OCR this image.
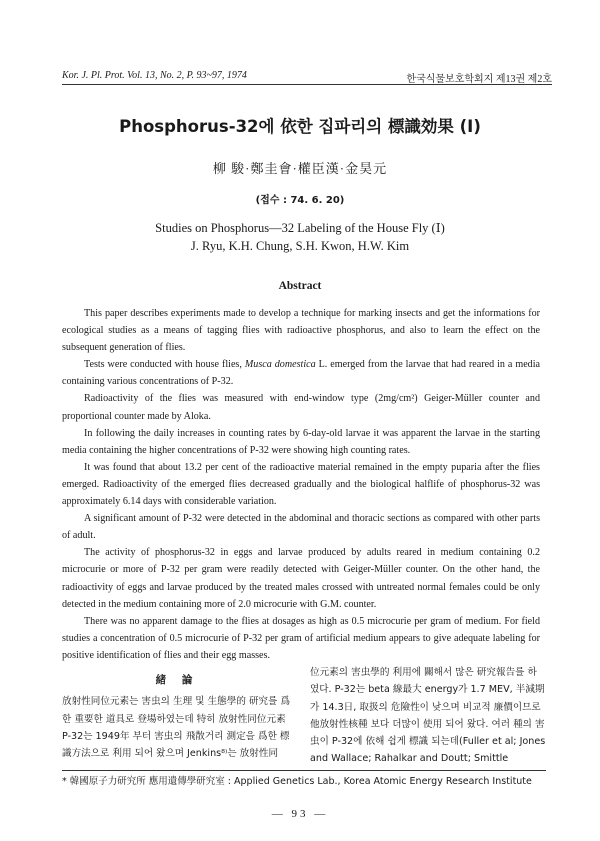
Kor. J. Pl. Prot. Vol. 13, No. 2, P. 93~97, 1974	한국식물보호학회지 제13권 제2호
Phosphorus-32에 依한 집파리의 標識効果 (Ⅰ)
柳 駿·鄭圭會·權臣漢·金昊元
(접수 : 74. 6. 20)
Studies on Phosphorus—32 Labeling of the House Fly (Ⅰ)
J. Ryu, K.H. Chung, S.H. Kwon, H.W. Kim
Abstract

This paper describes experiments made to develop a technique for marking insects and get the informations for ecological studies as a means of tagging flies with radioactive phosphorus, and also to learn the effect on the subsequent generation of flies.

Tests were conducted with house flies, Musca domestica L. emerged from the larvae that had reared in a media containing various concentrations of P-32.

Radioactivity of the flies was measured with end-window type (2mg/cm²) Geiger-Müller counter and proportional counter made by Aloka.

In following the daily increases in counting rates by 6-day-old larvae it was apparent the larvae in the starting media containing the higher concentrations of P-32 were showing high counting rates.

It was found that about 13.2 per cent of the radioactive material remained in the empty puparia after the flies emerged. Radioactivity of the emerged flies decreased gradually and the biological halflife of phosphorus-32 was approximately 6.14 days with considerable variation.

A significant amount of P-32 were detected in the abdominal and thoracic sections as compared with other parts of adult.

The activity of phosphorus-32 in eggs and larvae produced by adults reared in medium containing 0.2 microcurie or more of P-32 per gram were readily detected with Geiger-Müller counter. On the other hand, the radioactivity of eggs and larvae produced by the treated males crossed with untreated normal females could be only detected in the medium containing more of 2.0 microcurie with G.M. counter.

There was no apparent damage to the flies at dosages as high as 0.5 microcurie per gram of medium. For field studies a concentration of 0.5 microcurie of P-32 per gram of artificial medium appears to give adequate labeling for positive identification of flies and their egg masses.

緒 論

放射性同位元素는 害虫의 生理 및 生態學的 研究를 爲한 重要한 道具로 登場하였는데 特히 放射性同位元素 P-32는 1949年 부터 害虫의 飛散거리 測定을 爲한 標識方法으로 利用 되어 왔으며 Jenkins⁸⁾는 放射性同

位元素의 害虫學的 利用에 關해서 많은 研究報告를 하였다. P-32는 beta 線最大 energy가 1.7 MEV, 半減期가 14.3日, 取扱의 危險性이 낮으며 비교적 廉價이므로 他放射性核種 보다 더많이 使用 되어 왔다. 여러 種의 害虫이 P-32에 依해 쉽게 標識 되는데(Fuller et al; Jones and Wallace; Rahalkar and Doutt; Smittle

* 韓國原子力研究所 應用遺傳學研究室 : Applied Genetics Lab., Korea Atomic Energy Research Institute
— 93 —
